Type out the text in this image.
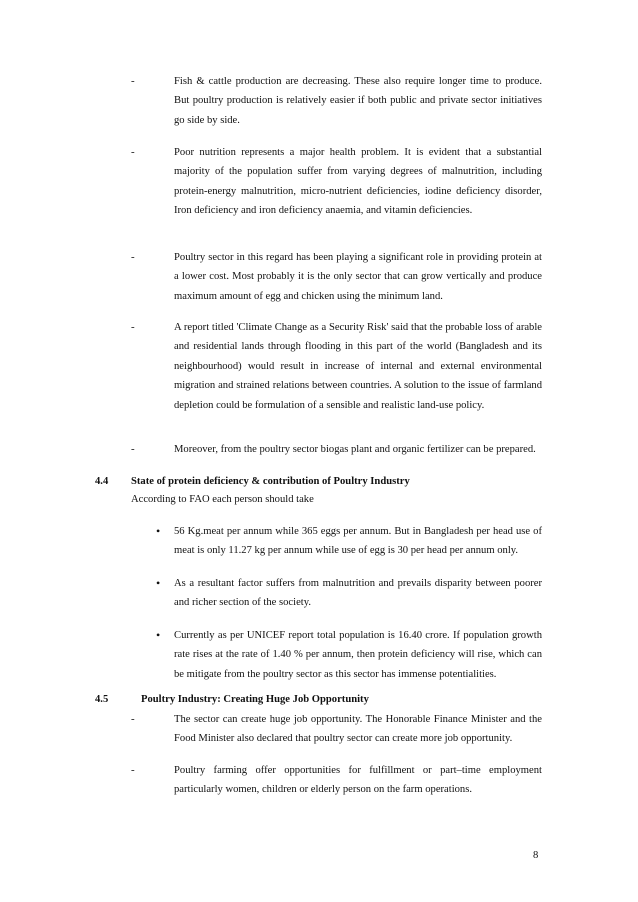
-	Fish & cattle production are decreasing. These also require longer time to produce. But poultry production is relatively easier if both public and private sector initiatives go side by side.
-	Poor nutrition represents a major health problem. It is evident that a substantial majority of the population suffer from varying degrees of malnutrition, including protein-energy malnutrition, micro-nutrient deficiencies, iodine deficiency disorder, Iron deficiency and iron deficiency anaemia, and vitamin deficiencies.
-	Poultry sector in this regard has been playing a significant role in providing protein at a lower cost. Most probably it is the only sector that can grow vertically and produce maximum amount of egg and chicken using the minimum land.
-	A report titled 'Climate Change as a Security Risk' said that the probable loss of arable and residential lands through flooding in this part of the world (Bangladesh and its neighbourhood) would result in increase of internal and external environmental migration and strained relations between countries. A solution to the issue of farmland depletion could be formulation of a sensible and realistic land-use policy.
-	Moreover, from the poultry sector biogas plant and organic fertilizer can be prepared.
4.4 State of protein deficiency & contribution of Poultry Industry
According to FAO each person should take
• 56 Kg.meat per annum while 365 eggs per annum. But in Bangladesh per head use of meat is only 11.27 kg per annum while use of egg is 30 per head per annum only.
• As a resultant factor suffers from malnutrition and prevails disparity between poorer and richer section of the society.
• Currently as per UNICEF report total population is 16.40 crore. If population growth rate rises at the rate of 1.40 % per annum, then protein deficiency will rise, which can be mitigate from the poultry sector as this sector has immense potentialities.
4.5	Poultry Industry: Creating Huge Job Opportunity
-	The sector can create huge job opportunity. The Honorable Finance Minister and the Food Minister also declared that poultry sector can create more job opportunity.
-	Poultry farming offer opportunities for fulfillment or part–time employment particularly women, children or elderly person on the farm operations.
8
